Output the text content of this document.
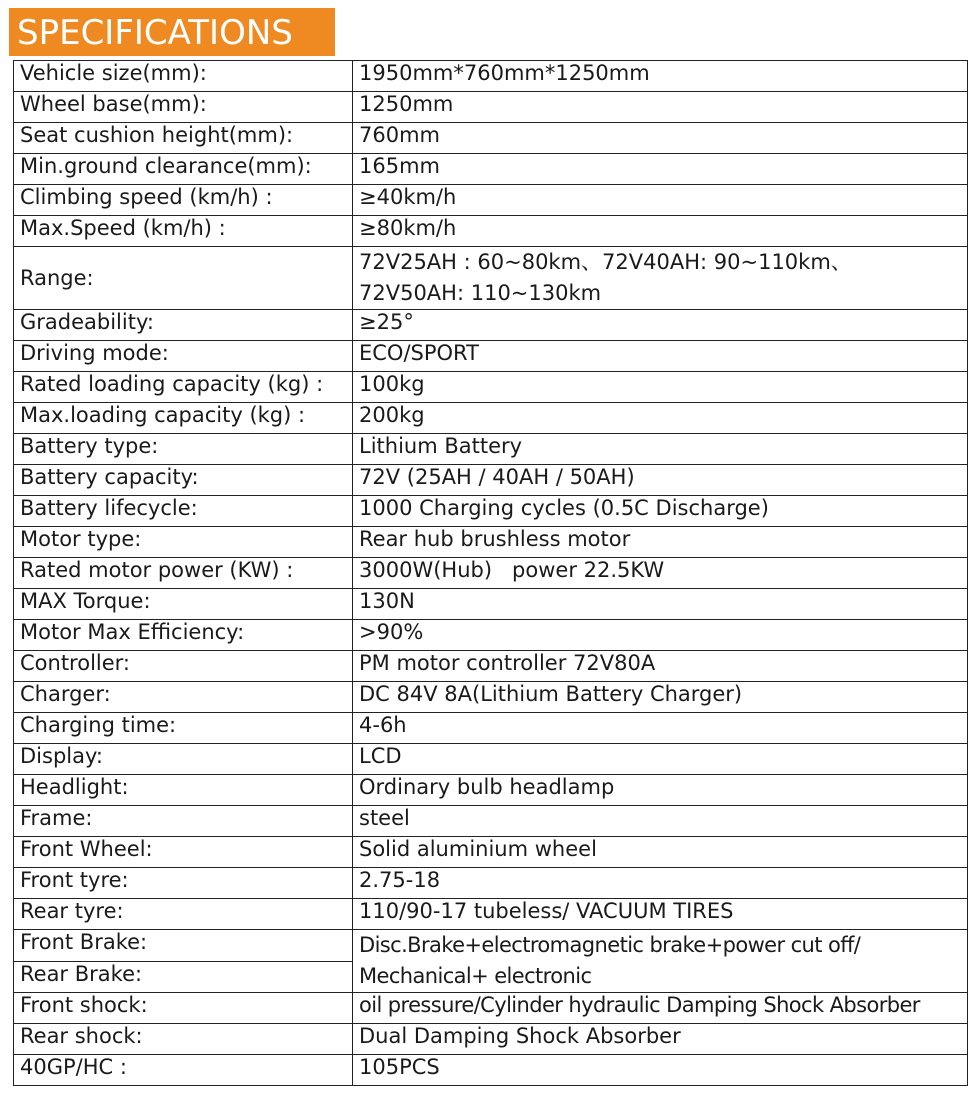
SPECIFICATIONS
Vehicle size(mm):	1950mm*760mm*1250mm
Wheel base(mm):	1250mm
Seat cushion height(mm):	760mm
Min.ground clearance(mm):	165mm
Climbing speed (km/h) :	≥40km/h
Max.Speed (km/h) :	≥80km/h
Range:	72V25AH : 60~80km、72V40AH: 90~110km、
72V50AH: 110~130km

Gradeability:	≥25°
Driving mode:	ECO/SPORT
Rated loading capacity (kg) :	100kg
Max.loading capacity (kg) :	200kg
Battery type:	Lithium Battery
Battery capacity:	72V (25AH / 40AH / 50AH)
Battery lifecycle:	1000 Charging cycles (0.5C Discharge)
Motor type:	Rear hub brushless motor
Rated motor power (KW) :	3000W(Hub)   power 22.5KW
MAX Torque:	130N
Motor Max Efficiency:	>90%
Controller:	PM motor controller 72V80A
Charger:	DC 84V 8A(Lithium Battery Charger)
Charging time:	4-6h
Display:	LCD
Headlight:	Ordinary bulb headlamp
Frame:	steel
Front Wheel:	Solid aluminium wheel
Front tyre:	2.75-18
Rear tyre:	110/90-17 tubeless/ VACUUM TIRES
Front Brake:	Disc.Brake+electromagnetic brake+power cut off/
Mechanical+ electronic

Rear Brake:	
Front shock:	oil pressure/Cylinder hydraulic Damping Shock Absorber
Rear shock:	Dual Damping Shock Absorber
40GP/HC :	105PCS
